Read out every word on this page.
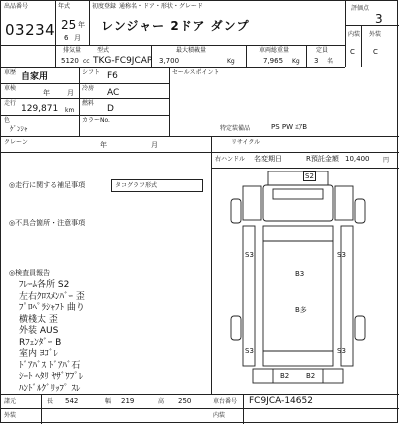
出品番号
03234
年式
25 年
6 月
初度登録 通称名・ドア・形状・グレード
レンジャー 2ドア ダンプ
評価点
3
内装 外装
C	C
排気量
5120 cc
型式
TKG-FC9JCAP
最大積載量
3,700	Kg
車両総重量
7,965 Kg
定員
3 名
車歴 自家用	シフト F6	セールスポイント
車検
年 月
冷房 AC
走行
129,871 km
燃料
D
色
ｹﾞﾝｼｬ
カラーNo.
特定装備品	PS PW ｴｱB
クレーン	年	月	リサイクル
右ハンドル 名変期日	R預託金額 10,400 円
◎走行に関する補足事項	タコグラフ形式
◎不具合箇所・注意事項
◎検査員報告
ﾌﾚｰﾑ各所 S2
左右ｸﾛｽﾒﾝﾊﾞｰ 歪
ﾌﾟﾛﾍﾟﾗｼｬﾌﾄ 曲り
横棧太 歪
外装 AUS
Rﾌｪﾝﾀﾞｰ B
室内 ﾖｺﾞﾚ
ﾄﾞｱﾊﾞｽ ﾄﾞｱﾊﾞ石
ｼｰﾄ ﾍﾀﾘ ﾔｻﾞﾜﾌﾟﾚ
ﾊﾝﾄﾞﾙｸﾞﾘｯﾌﾟ ｽﾚ
S2
S3	S3
B3
B多
S3	S3
B2 B2
諸元	長 542	幅 219	高 250	車台番号 FC9JCA-14652
外装	内装
